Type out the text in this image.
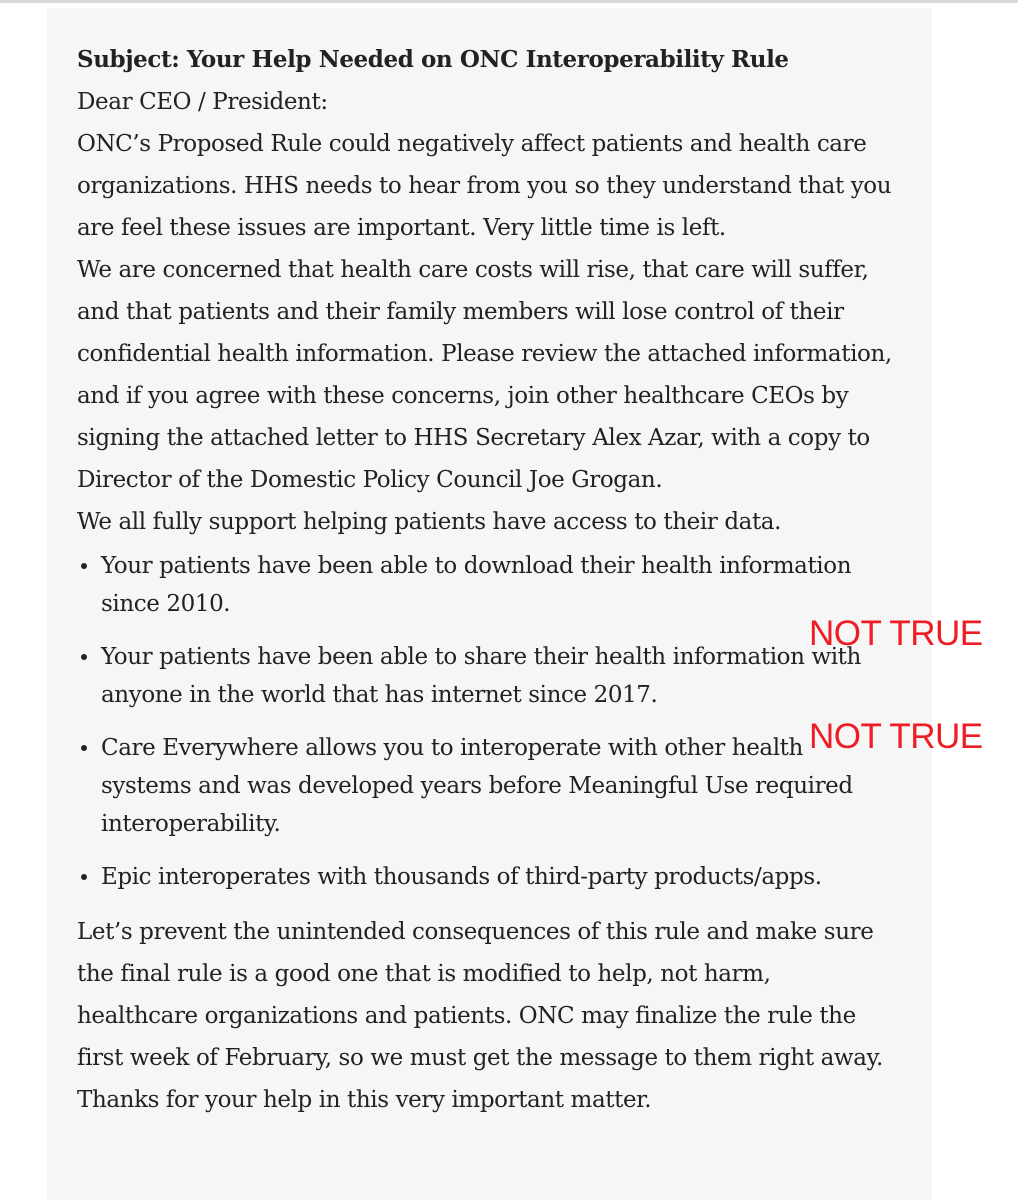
Subject: Your Help Needed on ONC Interoperability Rule
Dear CEO / President:
ONC’s Proposed Rule could negatively affect patients and health care organizations. HHS needs to hear from you so they understand that you are feel these issues are important. Very little time is left.
We are concerned that health care costs will rise, that care will suffer, and that patients and their family members will lose control of their confidential health information. Please review the attached information, and if you agree with these concerns, join other healthcare CEOs by signing the attached letter to HHS Secretary Alex Azar, with a copy to Director of the Domestic Policy Council Joe Grogan.
We all fully support helping patients have access to their data.
Your patients have been able to download their health information since 2010.
Your patients have been able to share their health information with anyone in the world that has internet since 2017.
Care Everywhere allows you to interoperate with other health systems and was developed years before Meaningful Use required interoperability.
Epic interoperates with thousands of third-party products/apps.
Let’s prevent the unintended consequences of this rule and make sure the final rule is a good one that is modified to help, not harm, healthcare organizations and patients. ONC may finalize the rule the first week of February, so we must get the message to them right away. Thanks for your help in this very important matter.
NOT TRUE
NOT TRUE
